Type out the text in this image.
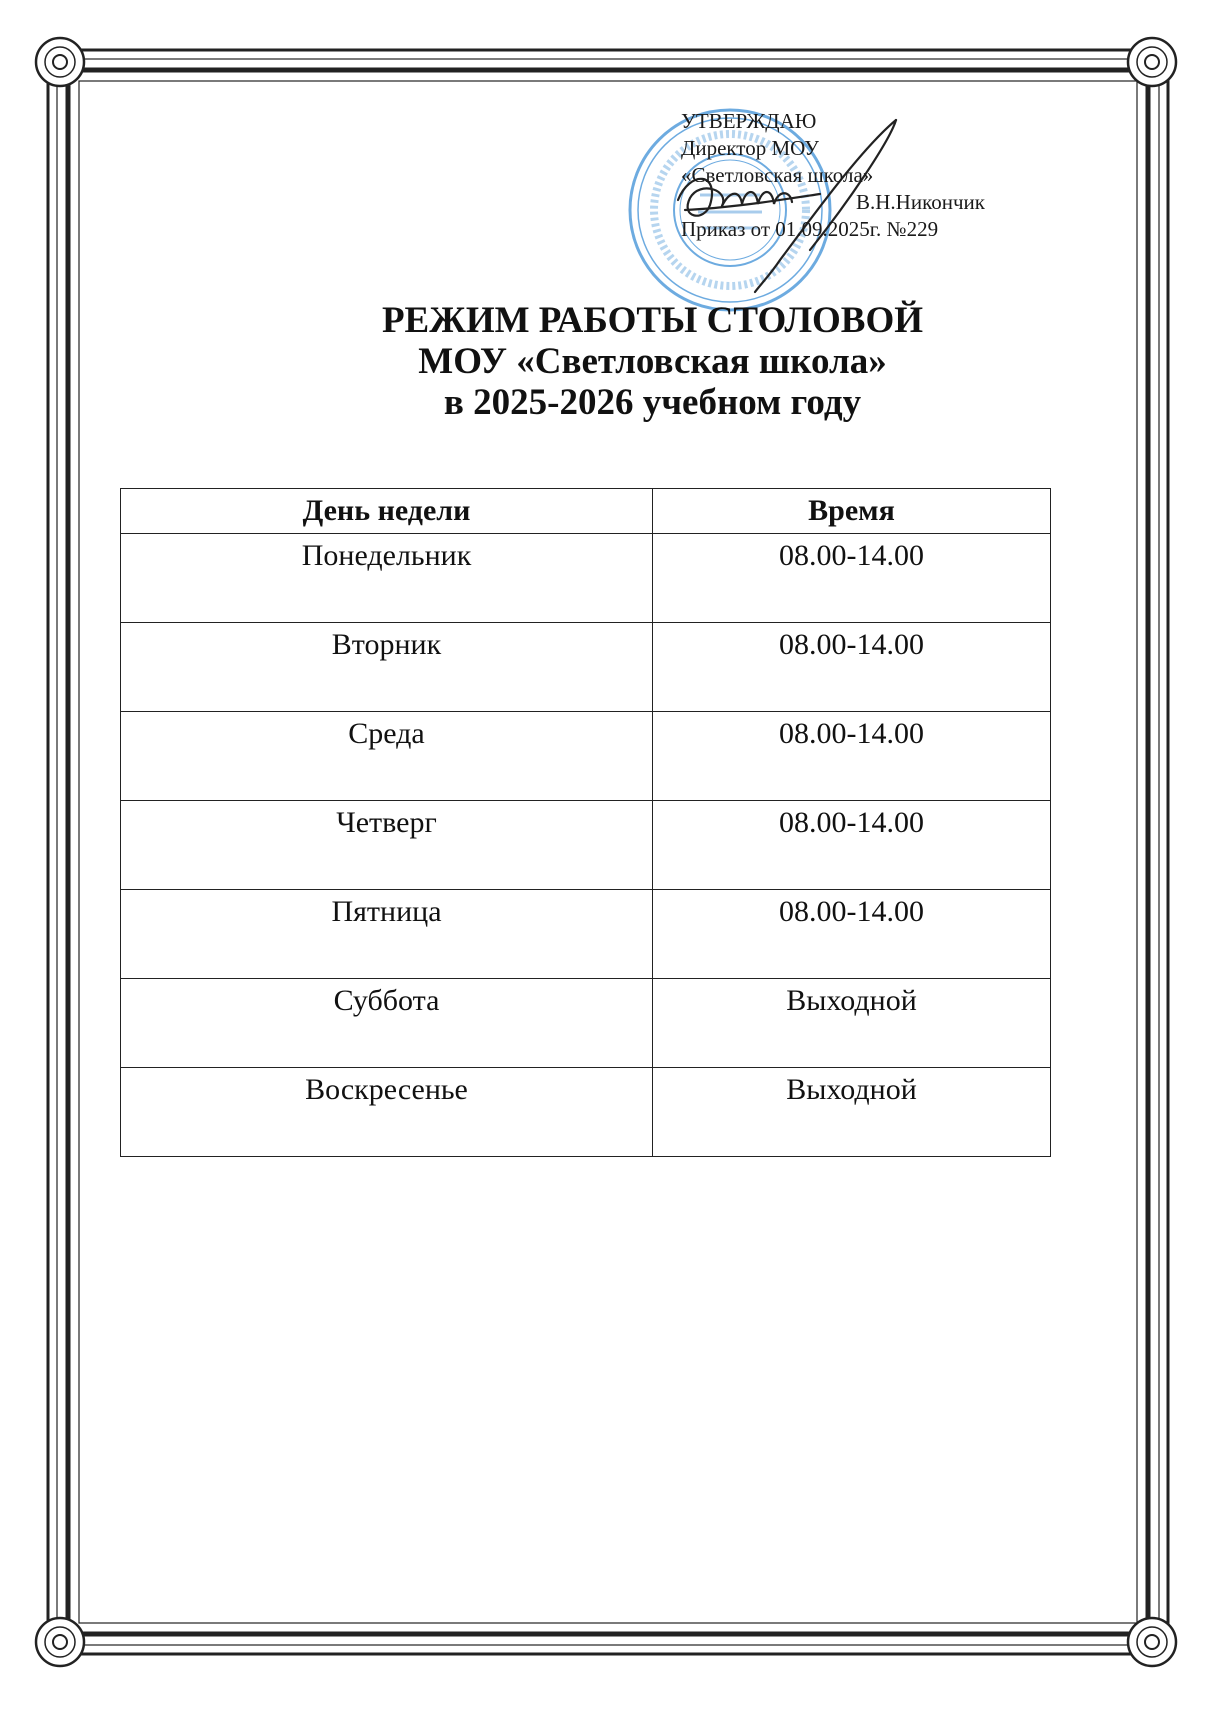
УТВЕРЖДАЮ
Директор МОУ
«Светловская школа»
В.Н.Никончик
Приказ от 01.09.2025г. №229
РЕЖИМ РАБОТЫ СТОЛОВОЙ
МОУ «Светловская школа»
в 2025-2026 учебном году
День недели	Время
Понедельник	08.00-14.00
Вторник	08.00-14.00
Среда	08.00-14.00
Четверг	08.00-14.00
Пятница	08.00-14.00
Суббота	Выходной
Воскресенье	Выходной
